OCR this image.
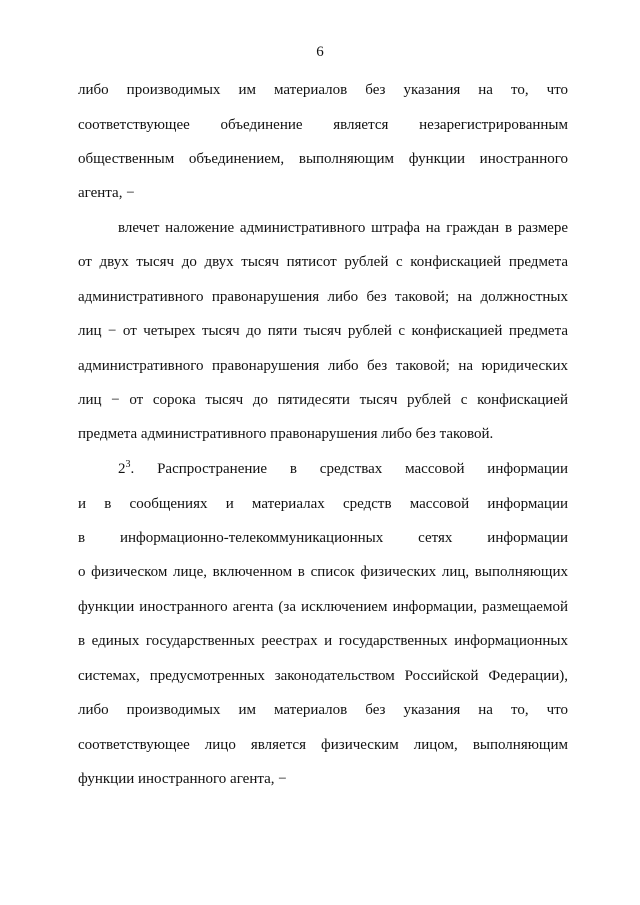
6
либо производимых им материалов без указания на то, что
соответствующее объединение является незарегистрированным
общественным объединением, выполняющим функции иностранного
агента, −
влечет наложение административного штрафа на граждан в размере
от двух тысяч до двух тысяч пятисот рублей с конфискацией предмета
административного правонарушения либо без таковой; на должностных
лиц − от четырех тысяч до пяти тысяч рублей с конфискацией предмета
административного правонарушения либо без таковой; на юридических
лиц − от сорока тысяч до пятидесяти тысяч рублей с конфискацией
предмета административного правонарушения либо без таковой.
$2^3$. Распространение в средствах массовой информации
и в сообщениях и материалах средств массовой информации
в информационно-телекоммуникационных сетях информации
о физическом лице, включенном в список физических лиц, выполняющих
функции иностранного агента (за исключением информации, размещаемой
в единых государственных реестрах и государственных информационных
системах, предусмотренных законодательством Российской Федерации),
либо производимых им материалов без указания на то, что
соответствующее лицо является физическим лицом, выполняющим
функции иностранного агента, −
